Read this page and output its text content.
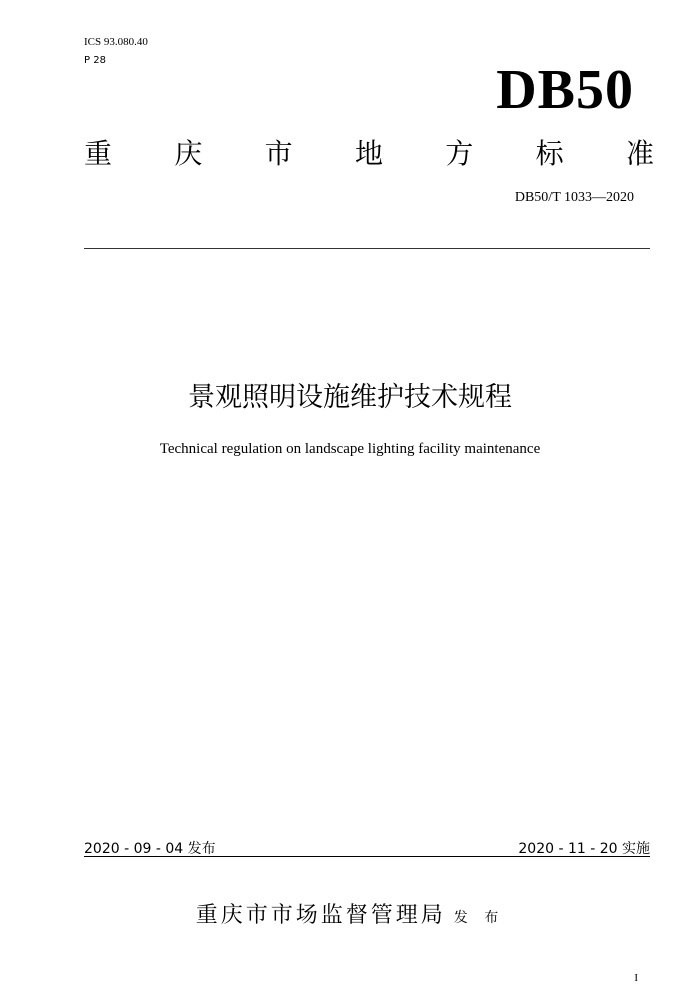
ICS 93.080.40
P 28	DB50
重 庆 市 地 方 标 准
DB50/T 1033—2020
景观照明设施维护技术规程
Technical regulation on landscape lighting facility maintenance
2020 - 09 - 04 发布	2020 - 11 - 20 实施
重庆市市场监督管理局 发 布
I
